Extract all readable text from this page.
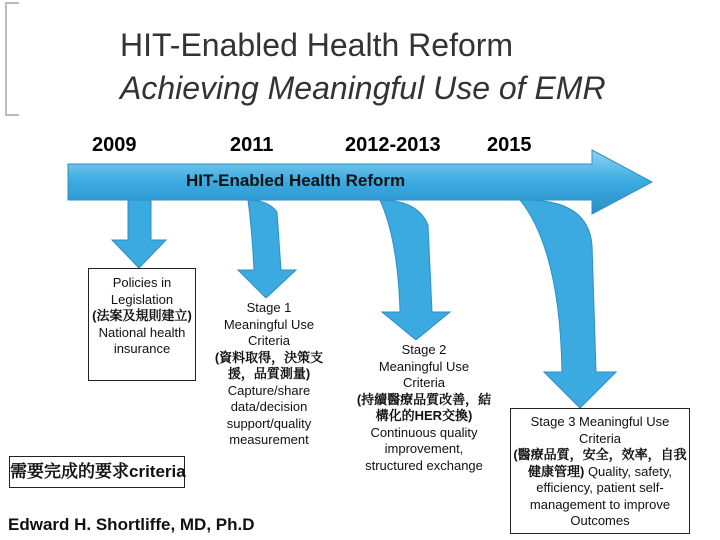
HIT-Enabled Health Reform
Achieving Meaningful Use of EMR
2009	2011	2012-2013 2015
HIT-Enabled Health Reform
Policies in
Legislation
(法案及規則建立) National health insurance
Stage 1
Meaningful Use
Criteria
(資料取得，決策支援，品質測量)
Capture/share data/decision support/quality measurement
Stage 2
Meaningful Use
Criteria
(持續醫療品質改善，結構化的HER交換)
Continuous quality improvement, structured exchange
Stage 3 Meaningful Use
Criteria
(醫療品質，安全，效率，自我健康管理) Quality, safety, efficiency, patient self-management to improve Outcomes
需要完成的要求criteria
Edward H. Shortliffe, MD, Ph.D
